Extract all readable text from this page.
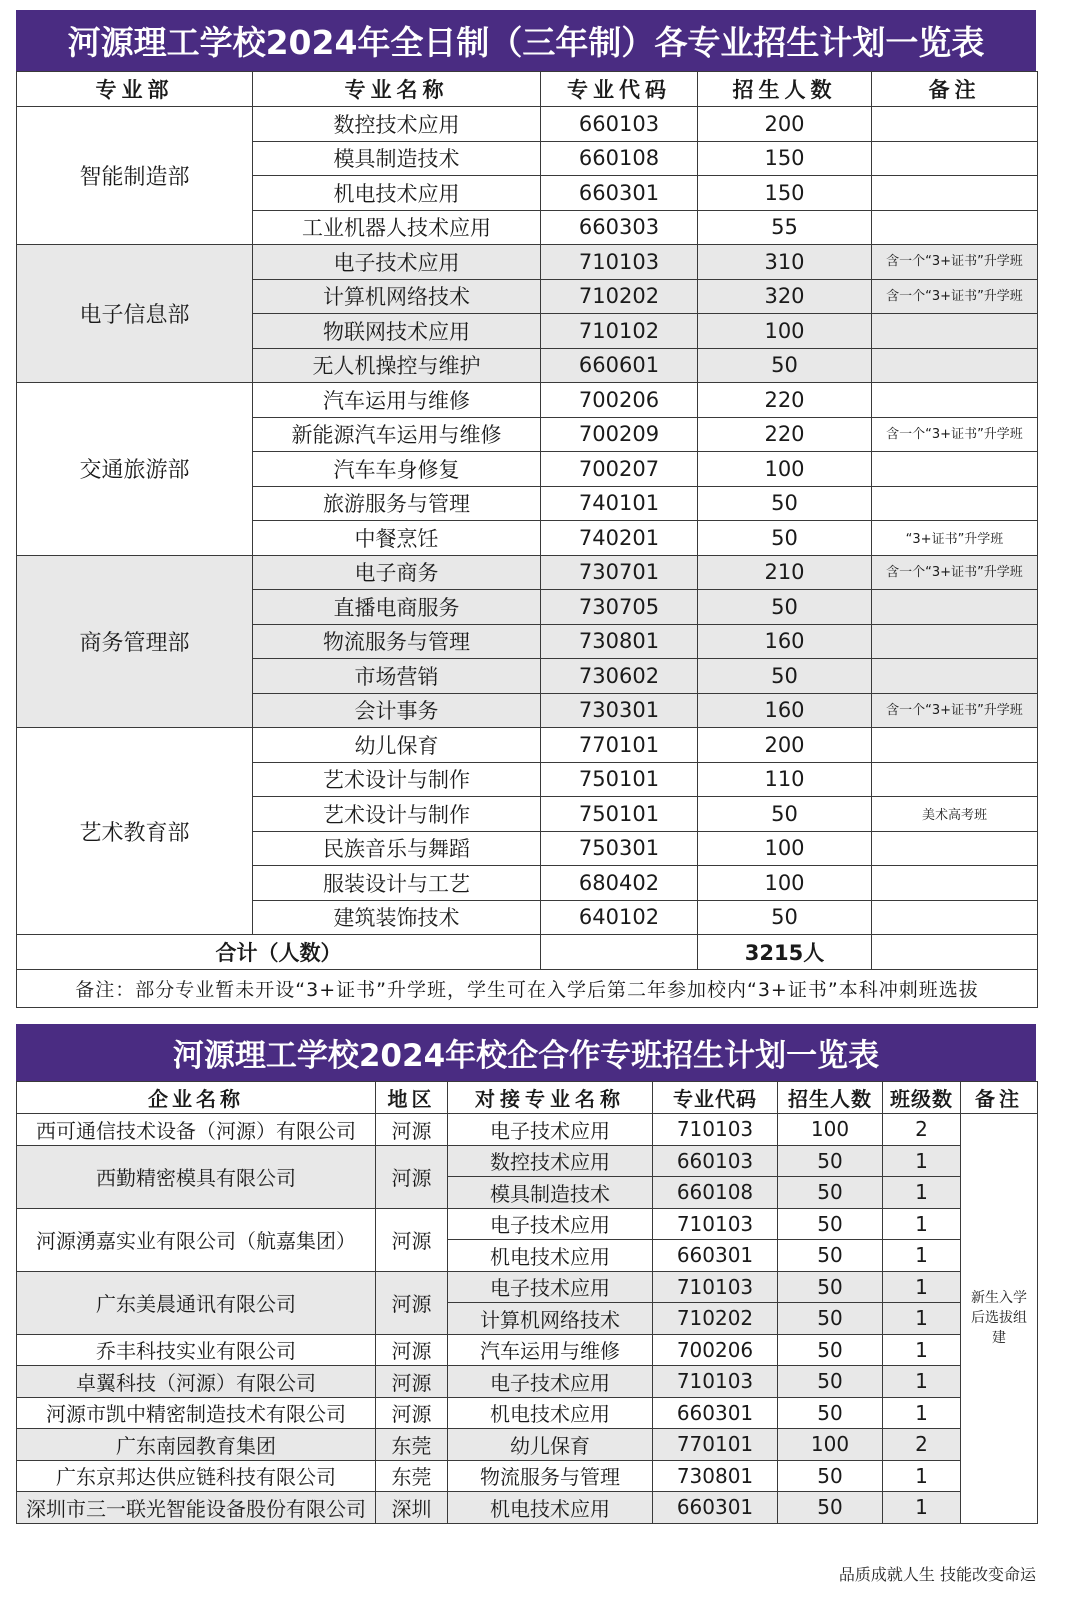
河源理工学校2024年全日制（三年制）各专业招生计划一览表
专业部	专业名称	专业代码	招生人数	备注
智能制造部	数控技术应用	660103	200	
	模具制造技术	660108	150	
	机电技术应用	660301	150	
	工业机器人技术应用	660303	55	
电子信息部	电子技术应用	710103	310	含一个“3+证书”升学班
	计算机网络技术	710202	320	含一个“3+证书”升学班
	物联网技术应用	710102	100	
	无人机操控与维护	660601	50	
交通旅游部	汽车运用与维修	700206	220	
	新能源汽车运用与维修	700209	220	含一个“3+证书”升学班
	汽车车身修复	700207	100	
	旅游服务与管理	740101	50	
	中餐烹饪	740201	50	“3+证书”升学班
商务管理部	电子商务	730701	210	含一个“3+证书”升学班
	直播电商服务	730705	50	
	物流服务与管理	730801	160	
	市场营销	730602	50	
	会计事务	730301	160	含一个“3+证书”升学班
艺术教育部	幼儿保育	770101	200	
	艺术设计与制作	750101	110	
	艺术设计与制作	750101	50	美术高考班
	民族音乐与舞蹈	750301	100	
	服装设计与工艺	680402	100	
	建筑装饰技术	640102	50	
合计（人数）			3215人	
备注：部分专业暂未开设“3+证书”升学班，学生可在入学后第二年参加校内“3+证书”本科冲刺班选拔				
河源理工学校2024年校企合作专班招生计划一览表
企业名称	地区	对接专业名称	专业代码	招生人数	班级数	备注
西可通信技术设备（河源）有限公司	河源	电子技术应用	710103	100	2	新生入学后选拔组建
西勤精密模具有限公司	河源	数控技术应用	660103	50	1	
		模具制造技术	660108	50	1	
河源湧嘉实业有限公司（航嘉集团）	河源	电子技术应用	710103	50	1	
		机电技术应用	660301	50	1	
广东美晨通讯有限公司	河源	电子技术应用	710103	50	1	
		计算机网络技术	710202	50	1	
乔丰科技实业有限公司	河源	汽车运用与维修	700206	50	1	
卓翼科技（河源）有限公司	河源	电子技术应用	710103	50	1	
河源市凯中精密制造技术有限公司	河源	机电技术应用	660301	50	1	
广东南园教育集团	东莞	幼儿保育	770101	100	2	
广东京邦达供应链科技有限公司	东莞	物流服务与管理	730801	50	1	
深圳市三一联光智能设备股份有限公司	深圳	机电技术应用	660301	50	1	
品质成就人生 技能改变命运
